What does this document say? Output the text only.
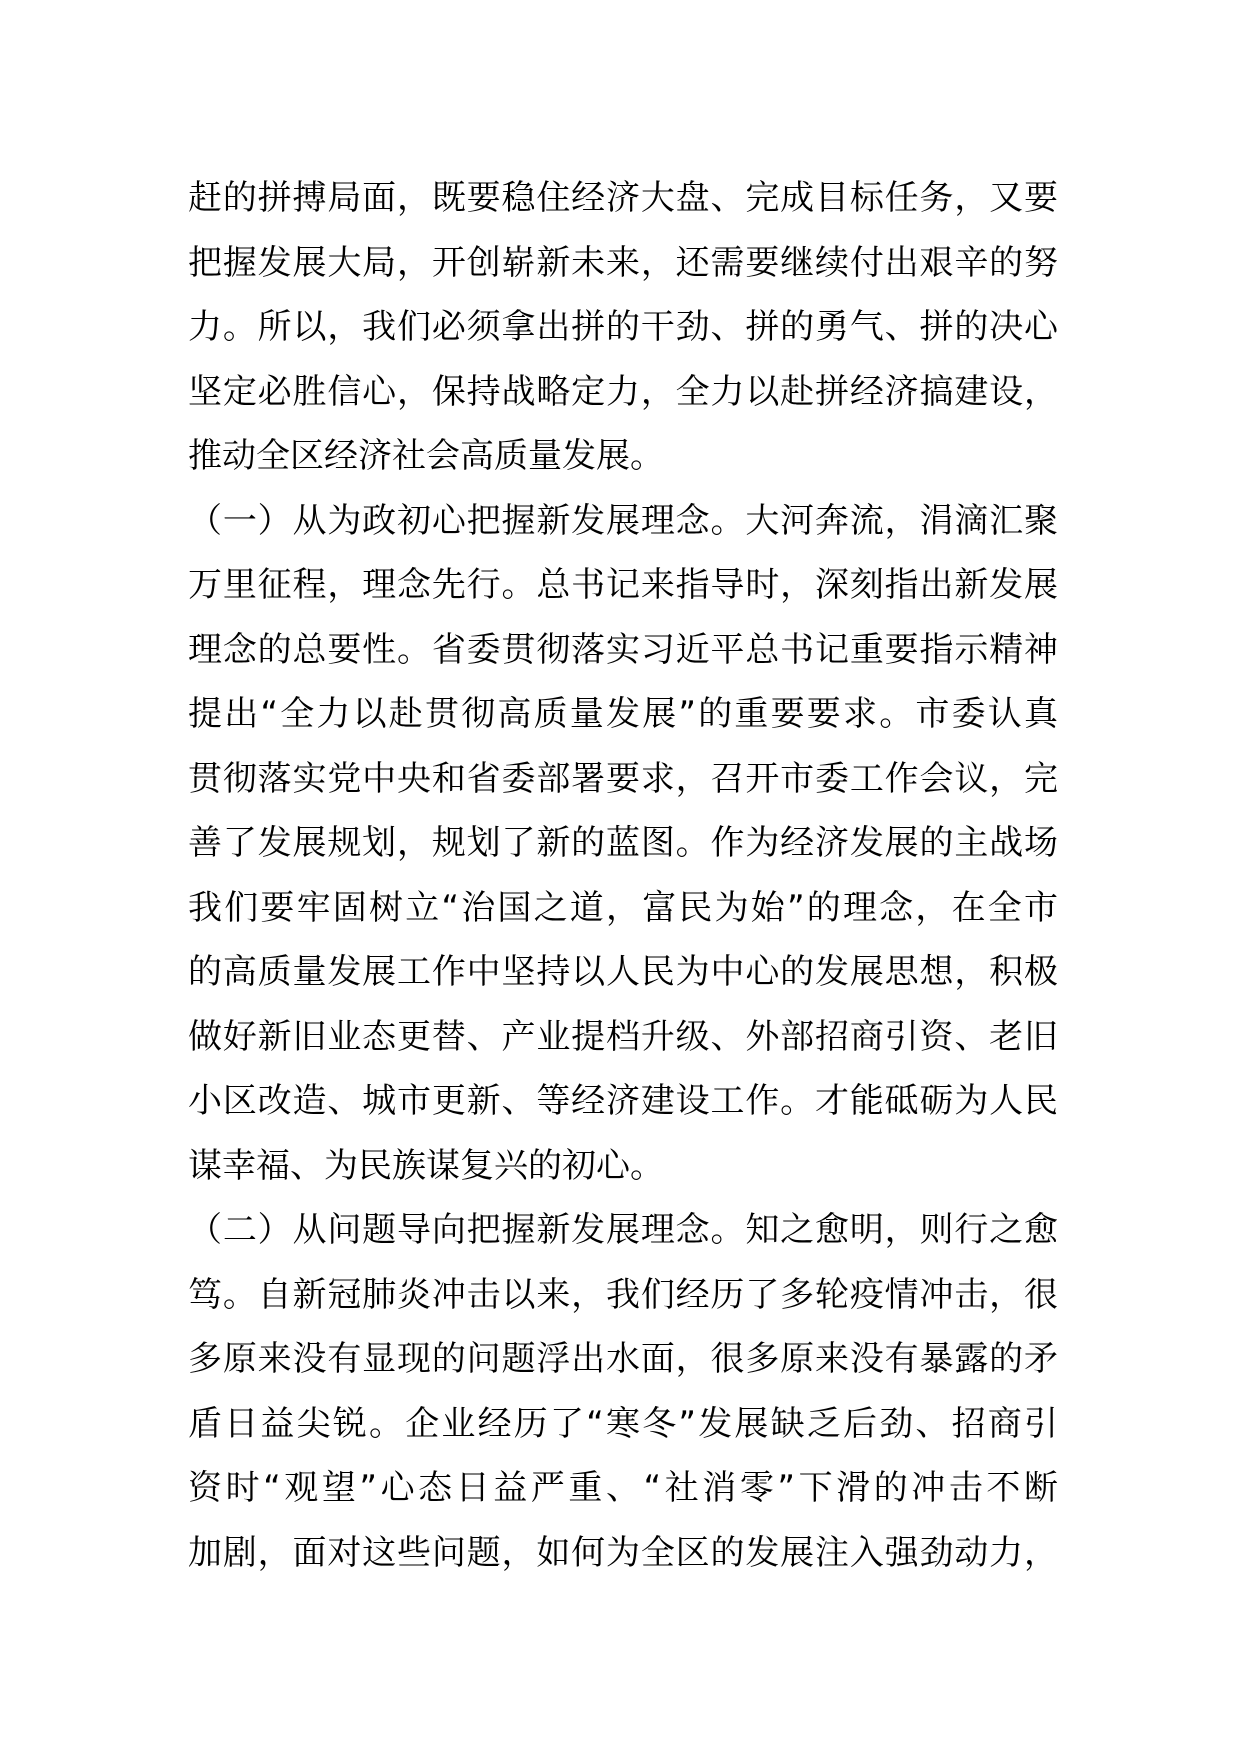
赶的拼搏局面，既要稳住经济大盘、完成目标任务，又要
把握发展大局，开创崭新未来，还需要继续付出艰辛的努
力。所以，我们必须拿出拼的干劲、拼的勇气、拼的决心
坚定必胜信心，保持战略定力，全力以赴拼经济搞建设，
推动全区经济社会高质量发展。
（一）从为政初心把握新发展理念。大河奔流，涓滴汇聚
万里征程，理念先行。总书记来指导时，深刻指出新发展
理念的总要性。省委贯彻落实习近平总书记重要指示精神
提出“全力以赴贯彻高质量发展”的重要要求。市委认真
贯彻落实党中央和省委部署要求，召开市委工作会议，完
善了发展规划，规划了新的蓝图。作为经济发展的主战场
我们要牢固树立“治国之道，富民为始”的理念，在全市
的高质量发展工作中坚持以人民为中心的发展思想，积极
做好新旧业态更替、产业提档升级、外部招商引资、老旧
小区改造、城市更新、等经济建设工作。才能砥砺为人民
谋幸福、为民族谋复兴的初心。
（二）从问题导向把握新发展理念。知之愈明，则行之愈
笃。自新冠肺炎冲击以来，我们经历了多轮疫情冲击，很
多原来没有显现的问题浮出水面，很多原来没有暴露的矛
盾日益尖锐。企业经历了“寒冬”发展缺乏后劲、招商引
资时“观望”心态日益严重、“社消零”下滑的冲击不断
加剧，面对这些问题，如何为全区的发展注入强劲动力，
